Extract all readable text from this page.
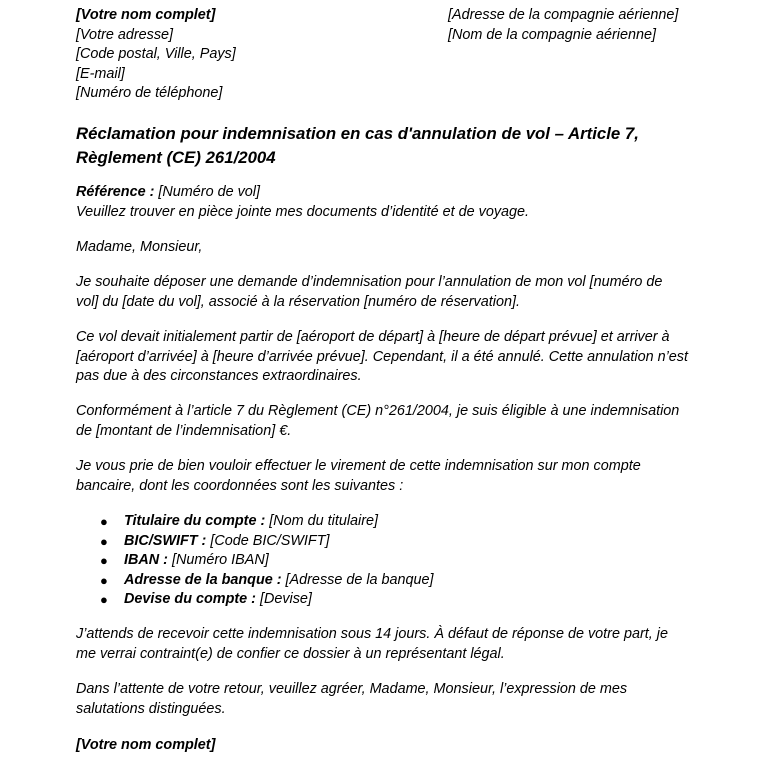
[Votre nom complet]
[Votre adresse]
[Code postal, Ville, Pays]
[E-mail]
[Numéro de téléphone]
[Adresse de la compagnie aérienne]
[Nom de la compagnie aérienne]
Réclamation pour indemnisation en cas d'annulation de vol – Article 7,
Règlement (CE) 261/2004
Référence : [Numéro de vol]
Veuillez trouver en pièce jointe mes documents d’identité et de voyage.
Madame, Monsieur,
Je souhaite déposer une demande d’indemnisation pour l’annulation de mon vol [numéro de
vol] du [date du vol], associé à la réservation [numéro de réservation].
Ce vol devait initialement partir de [aéroport de départ] à [heure de départ prévue] et arriver à
[aéroport d’arrivée] à [heure d’arrivée prévue]. Cependant, il a été annulé. Cette annulation n’est
pas due à des circonstances extraordinaires.
Conformément à l’article 7 du Règlement (CE) n°261/2004, je suis éligible à une indemnisation
de [montant de l’indemnisation] €.
Je vous prie de bien vouloir effectuer le virement de cette indemnisation sur mon compte
bancaire, dont les coordonnées sont les suivantes :
● Titulaire du compte : [Nom du titulaire]
● BIC/SWIFT : [Code BIC/SWIFT]
● IBAN : [Numéro IBAN]
● Adresse de la banque : [Adresse de la banque]
● Devise du compte : [Devise]
J’attends de recevoir cette indemnisation sous 14 jours. À défaut de réponse de votre part, je
me verrai contraint(e) de confier ce dossier à un représentant légal.
Dans l’attente de votre retour, veuillez agréer, Madame, Monsieur, l’expression de mes
salutations distinguées.
[Votre nom complet]
